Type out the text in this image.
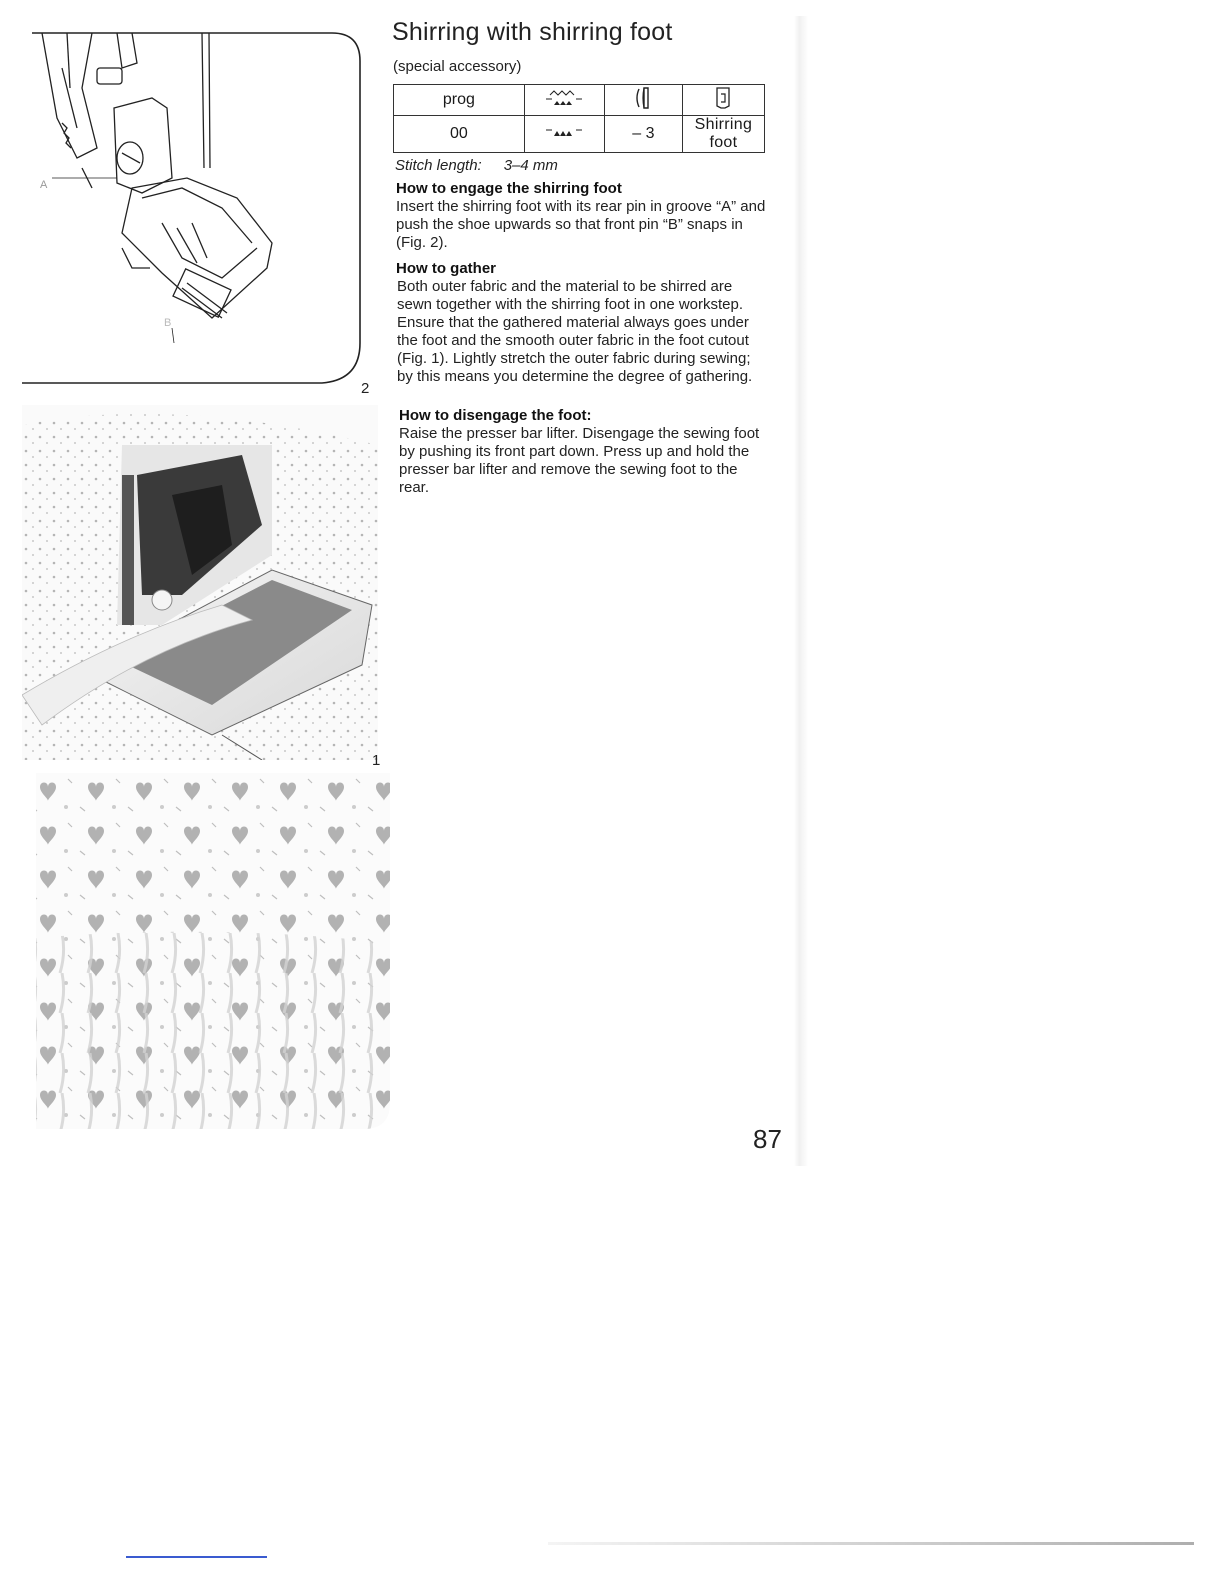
A
B
2
1
Shirring with shirring foot
(special accessory)
prog			
00		– 3	Shirring foot
Stitch length: 3–4 mm
How to engage the shirring foot
Insert the shirring foot with its rear pin in groove “A” and push the shoe upwards so that front pin “B” snaps in (Fig. 2).
How to gather
Both outer fabric and the material to be shirred are sewn together with the shirring foot in one workstep. Ensure that the gathered material always goes under the foot and the smooth outer fabric in the foot cutout (Fig. 1). Lightly stretch the outer fabric during sewing; by this means you determine the degree of gathering.
How to disengage the foot:
Raise the presser bar lifter. Disengage the sewing foot by pushing its front part down. Press up and hold the presser bar lifter and remove the sewing foot to the rear.
87
